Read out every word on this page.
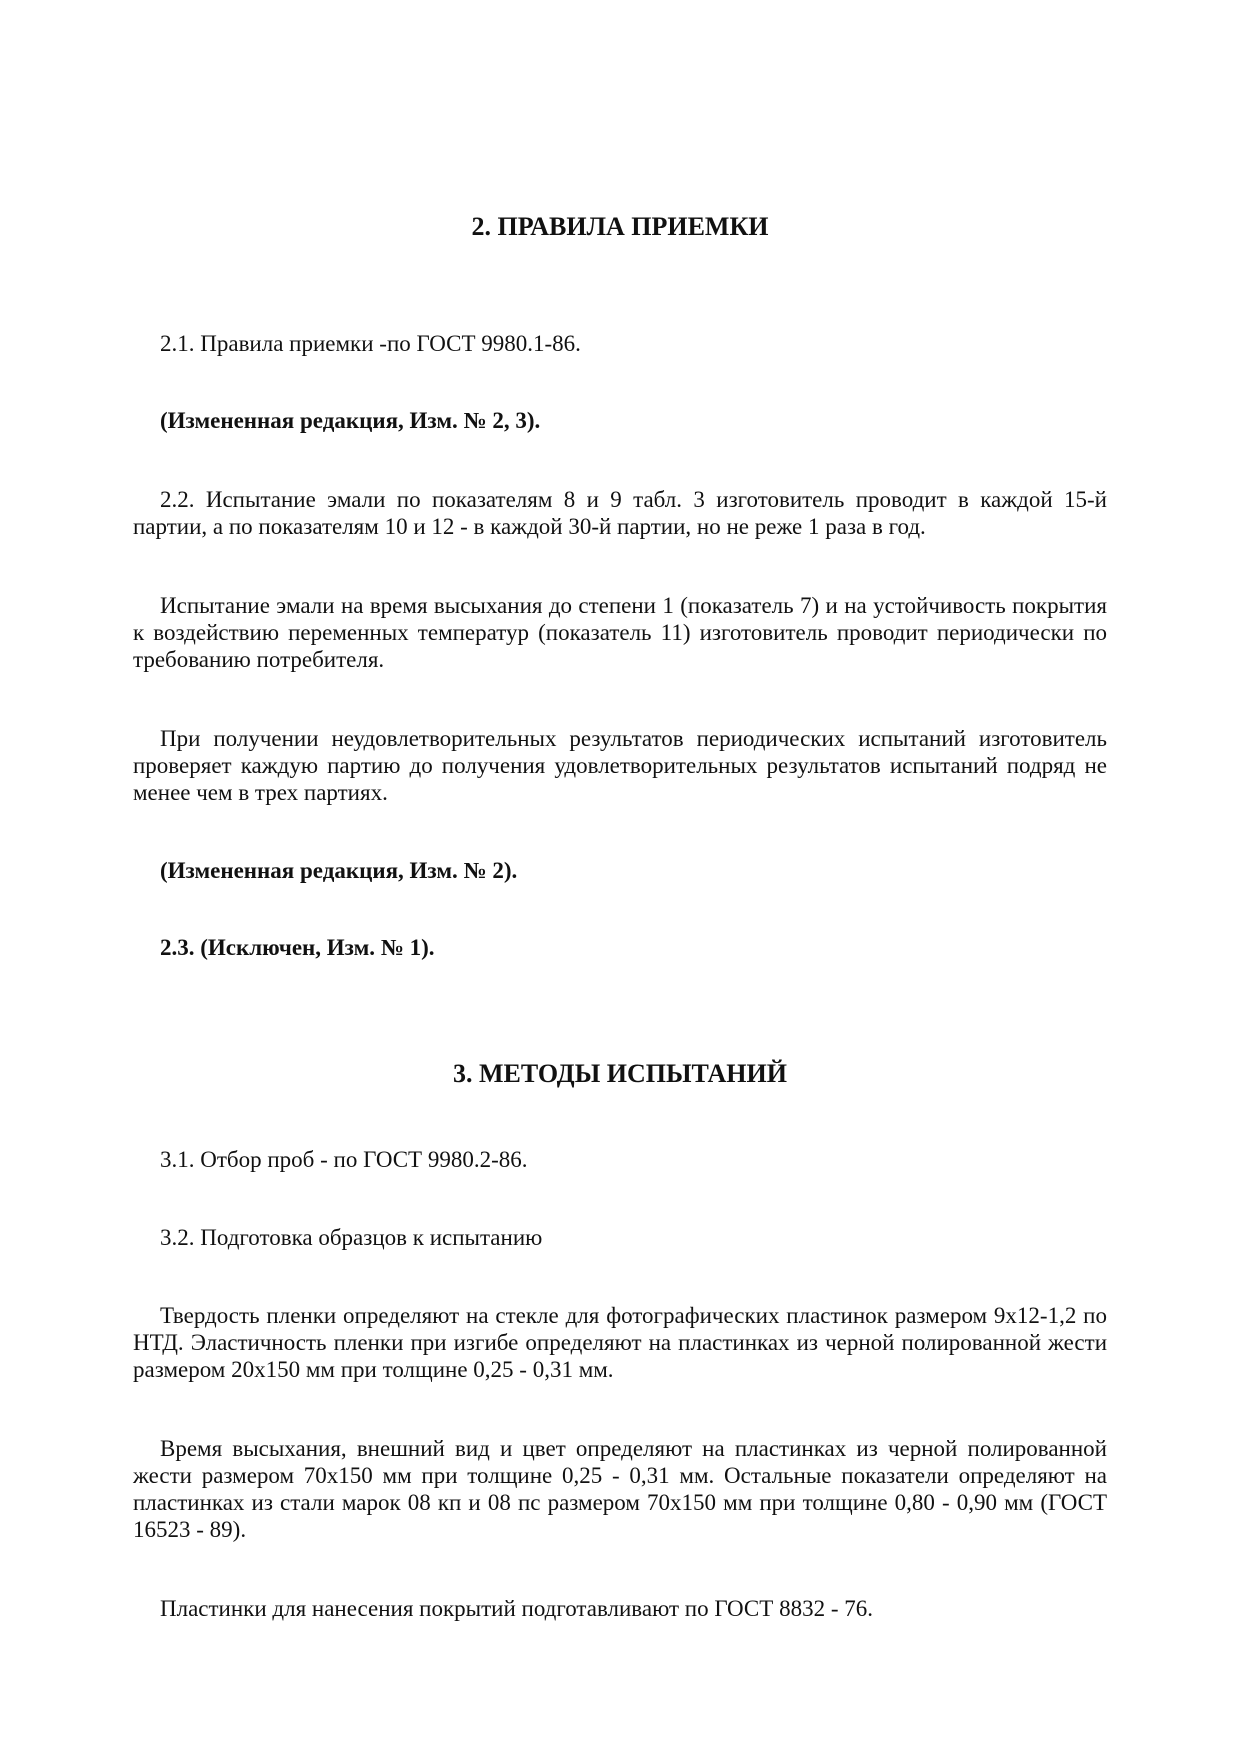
2. ПРАВИЛА ПРИЕМКИ

2.1. Правила приемки -по ГОСТ 9980.1-86.

(Измененная редакция, Изм. № 2, 3).

2.2. Испытание эмали по показателям 8 и 9 табл. 3 изготовитель проводит в каждой 15-й партии, а по показателям 10 и 12 - в каждой 30-й партии, но не реже 1 раза в год.

Испытание эмали на время высыхания до степени 1 (показатель 7) и на устойчивость покрытия к воздействию переменных температур (показатель 11) изготовитель проводит периодически по требованию потребителя.

При получении неудовлетворительных результатов периодических испытаний изготовитель проверяет каждую партию до получения удовлетворительных результатов испытаний подряд не менее чем в трех партиях.

(Измененная редакция, Изм. № 2).

2.3. (Исключен, Изм. № 1).

3. МЕТОДЫ ИСПЫТАНИЙ

3.1. Отбор проб - по ГОСТ 9980.2-86.

3.2. Подготовка образцов к испытанию

Твердость пленки определяют на стекле для фотографических пластинок размером 9x12-1,2 по НТД. Эластичность пленки при изгибе определяют на пластинках из черной полированной жести размером 20x150 мм при толщине 0,25 - 0,31 мм.

Время высыхания, внешний вид и цвет определяют на пластинках из черной полированной жести размером 70x150 мм при толщине 0,25 - 0,31 мм. Остальные показатели определяют на пластинках из стали марок 08 кп и 08 пс размером 70x150 мм при толщине 0,80 - 0,90 мм (ГОСТ 16523 - 89).

Пластинки для нанесения покрытий подготавливают по ГОСТ 8832 - 76.
